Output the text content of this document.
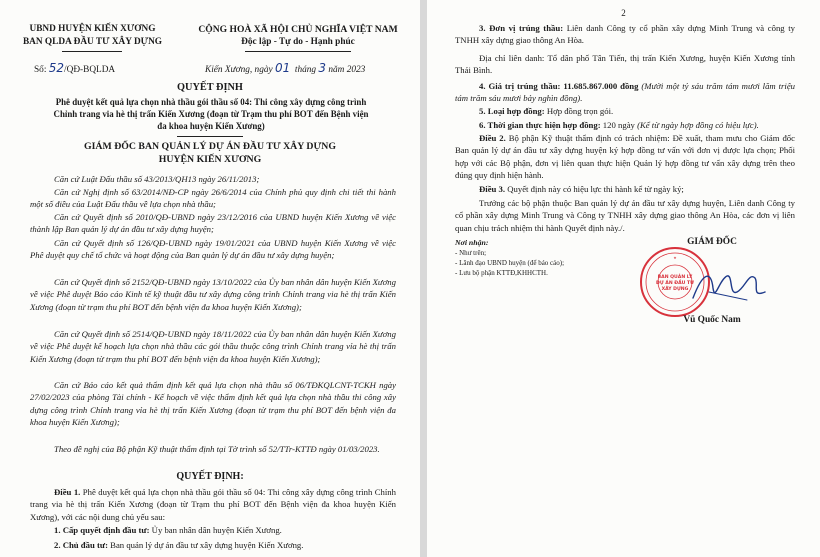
UBND HUYỆN KIẾN XƯƠNG
BAN QLDA ĐẦU TƯ XÂY DỰNG
CỘNG HOÀ XÃ HỘI CHỦ NGHĨA VIỆT NAM
Độc lập - Tự do - Hạnh phúc
Số: 52/QĐ-BQLDA	Kiến Xương, ngày 01 tháng 3 năm 2023
QUYẾT ĐỊNH
Phê duyệt kết quả lựa chọn nhà thầu gói thầu số 04: Thi công xây dựng công trình Chỉnh trang via hè thị trấn Kiến Xương (đoạn từ Trạm thu phí BOT đến Bệnh viện đa khoa huyện Kiến Xương)
GIÁM ĐỐC BAN QUẢN LÝ DỰ ÁN ĐẦU TƯ XÂY DỰNG
HUYỆN KIẾN XƯƠNG
Căn cứ Luật Đấu thầu số 43/2013/QH13 ngày 26/11/2013;
Căn cứ Nghị định số 63/2014/NĐ-CP ngày 26/6/2014 của Chính phủ quy định chi tiết thi hành một số điều của Luật Đấu thầu về lựa chọn nhà thầu;
Căn cứ Quyết định số 2010/QĐ-UBND ngày 23/12/2016 của UBND huyện Kiến Xương về việc thành lập Ban quản lý dự án đầu tư xây dựng huyện;
Căn cứ Quyết định số 126/QĐ-UBND ngày 19/01/2021 của UBND huyện Kiến Xương về việc Phê duyệt quy chế tổ chức và hoạt động của Ban quản lý dự án đầu tư xây dựng huyện;
Căn cứ Quyết định số 2152/QĐ-UBND ngày 13/10/2022 của Ủy ban nhân dân huyện Kiến Xương về việc Phê duyệt Báo cáo Kinh tế kỹ thuật đầu tư xây dựng công trình Chỉnh trang via hè thị trấn Kiến Xương (đoạn từ trạm thu phí BOT đến bệnh viện đa khoa huyện Kiến Xương);
Căn cứ Quyết định số 2514/QĐ-UBND ngày 18/11/2022 của Ủy ban nhân dân huyện Kiến Xương về việc Phê duyệt kế hoạch lựa chọn nhà thầu các gói thầu thuộc công trình Chỉnh trang vỉa hè thị trấn Kiến Xương (đoạn từ trạm thu phí BOT đến bệnh viện đa khoa huyện Kiến Xương);
Căn cứ Báo cáo kết quả thẩm định kết quả lựa chọn nhà thầu số 06/TĐKQLCNT-TCKH ngày 27/02/2023 của phòng Tài chính - Kế hoạch về việc thẩm định kết quả lựa chọn nhà thầu thi công xây dựng công trình Chỉnh trang vỉa hè thị trấn Kiến Xương (đoạn từ trạm thu phí BOT đến bệnh viện đa khoa huyện Kiến Xương);
Theo đề nghị của Bộ phận Kỹ thuật thẩm định tại Tờ trình số 52/TTr-KTTĐ ngày 01/03/2023.
QUYẾT ĐỊNH:
Điều 1. Phê duyệt kết quả lựa chọn nhà thầu gói thầu số 04: Thi công xây dựng công trình Chỉnh trang via hè thị trấn Kiến Xương (đoạn từ Trạm thu phí BOT đến Bệnh viện đa khoa huyện Kiến Xương), với các nội dung chủ yếu sau:
1. Cấp quyết định đầu tư: Ủy ban nhân dân huyện Kiến Xương.
2. Chủ đầu tư: Ban quản lý dự án đầu tư xây dựng huyện Kiến Xương.
2
3. Đơn vị trúng thầu: Liên danh Công ty cổ phần xây dựng Minh Trung và công ty TNHH xây dựng giao thông An Hòa.
Địa chỉ liên danh: Tổ dân phố Tân Tiến, thị trấn Kiến Xương, huyện Kiến Xương tỉnh Thái Bình.
4. Giá trị trúng thầu: 11.685.867.000 đồng (Mười một tỷ sáu trăm tám mươi lăm triệu tám trăm sáu mươi bảy nghìn đồng).
5. Loại hợp đồng: Hợp đồng trọn gói.
6. Thời gian thực hiện hợp đồng: 120 ngày (Kể từ ngày hợp đồng có hiệu lực).
Điều 2. Bộ phận Kỹ thuật thẩm định có trách nhiệm: Đề xuất, tham mưu cho Giám đốc Ban quản lý dự án đầu tư xây dựng huyện ký hợp đồng tư vấn với đơn vị được lựa chọn; Phối hợp với các Bộ phận, đơn vị liên quan thực hiện Quản lý hợp đồng tư vấn xây dựng trên theo đúng quy định hiện hành.
Điều 3. Quyết định này có hiệu lực thi hành kể từ ngày ký;
Trưởng các bộ phận thuộc Ban quản lý dự án đầu tư xây dựng huyện, Liên danh Công ty cổ phần xây dựng Minh Trung và Công ty TNHH xây dựng giao thông An Hòa, các đơn vị liên quan chịu trách nhiệm thi hành Quyết định này./.
Nơi nhận:
- Như trên;
- Lãnh đạo UBND huyện (để báo cáo);
- Lưu bộ phận KTTĐ,KHHCTH.
GIÁM ĐỐC
BAN QUẢN LÝ
DỰ ÁN ĐẦU TƯ
XÂY DỰNG
★
Vũ Quốc Nam
